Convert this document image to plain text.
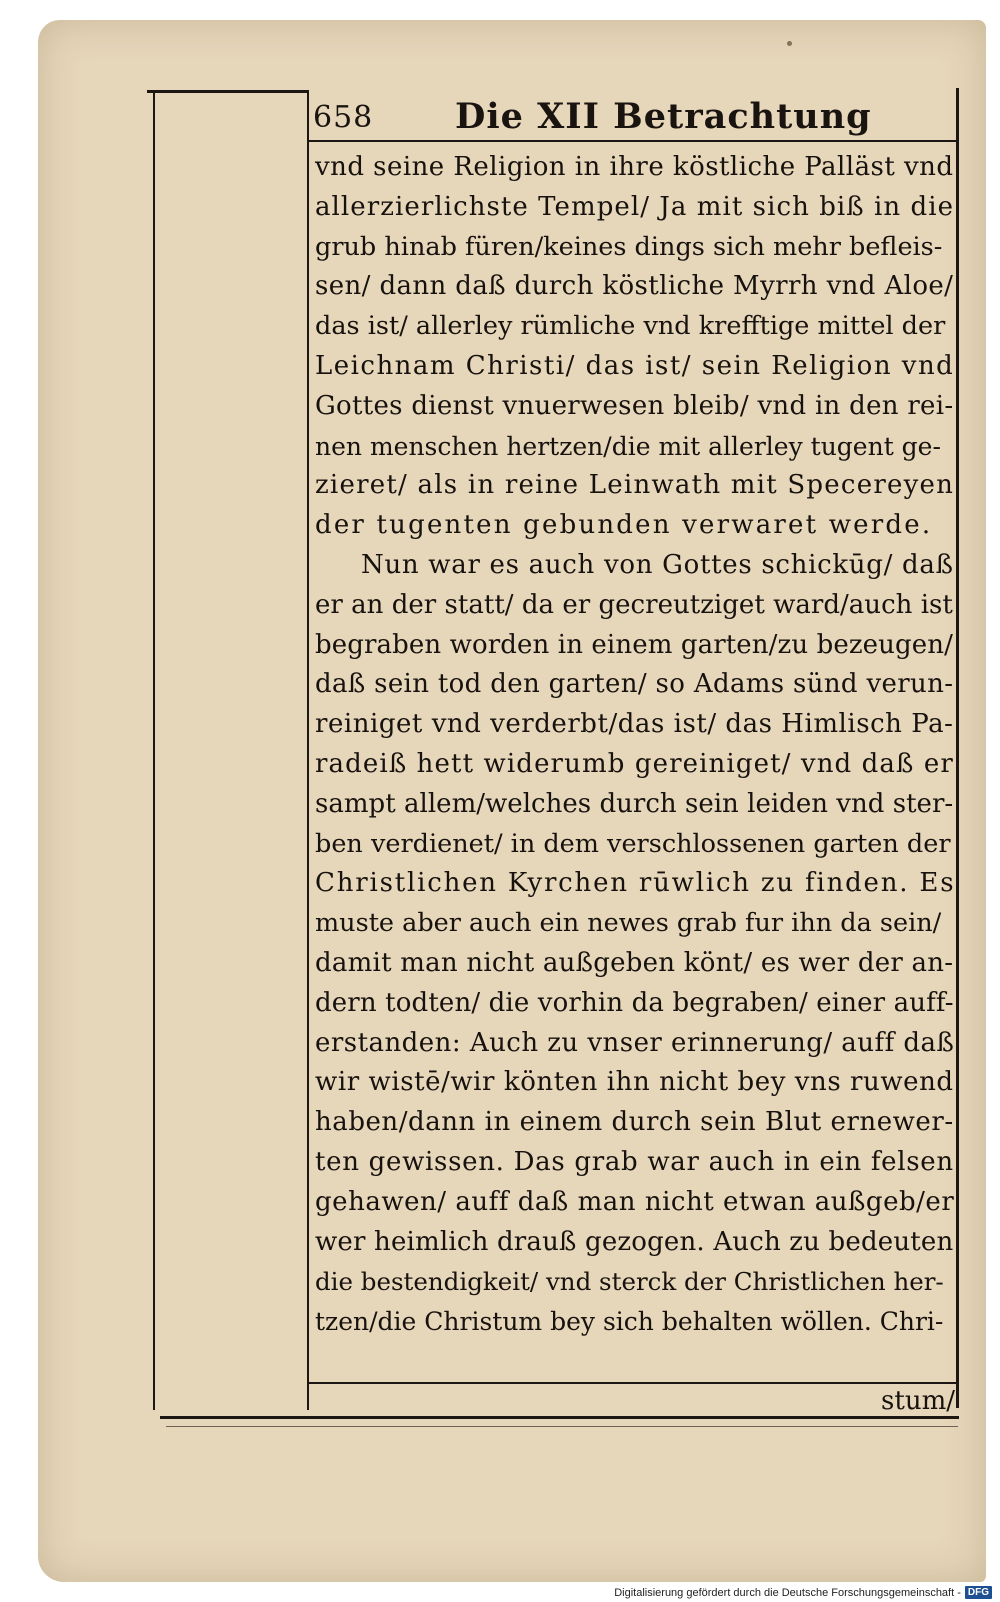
658 Die XII Betrachtung
vnd seine Religion in ihre köstliche Palläst vnd
allerzierlichste Tempel/ Ja mit sich biß in die
grub hinab füren/keines dings sich mehr befleis-
sen/ dann daß durch köstliche Myrrh vnd Aloe/
das ist/ allerley rümliche vnd krefftige mittel der
Leichnam Christi/ das ist/ sein Religion vnd
Gottes dienst vnuerwesen bleib/ vnd in den rei-
nen menschen hertzen/die mit allerley tugent ge-
zieret/ als in reine Leinwath mit Specereyen
der tugenten gebunden verwaret werde.
Nun war es auch von Gottes schickūg/ daß
er an der statt/ da er gecreutziget ward/auch ist
begraben worden in einem garten/zu bezeugen/
daß sein tod den garten/ so Adams sünd verun-
reiniget vnd verderbt/das ist/ das Himlisch Pa-
radeiß hett widerumb gereiniget/ vnd daß er
sampt allem/welches durch sein leiden vnd ster-
ben verdienet/ in dem verschlossenen garten der
Christlichen Kyrchen rūwlich zu finden. Es
muste aber auch ein newes grab fur ihn da sein/
damit man nicht außgeben könt/ es wer der an-
dern todten/ die vorhin da begraben/ einer auff-
erstanden: Auch zu vnser erinnerung/ auff daß
wir wistē/wir könten ihn nicht bey vns ruwend
haben/dann in einem durch sein Blut ernewer-
ten gewissen. Das grab war auch in ein felsen
gehawen/ auff daß man nicht etwan außgeb/er
wer heimlich drauß gezogen. Auch zu bedeuten
die bestendigkeit/ vnd sterck der Christlichen her-
tzen/die Christum bey sich behalten wöllen. Chri-
stum/
Digitalisierung gefördert durch die Deutsche Forschungsgemeinschaft - DFG
